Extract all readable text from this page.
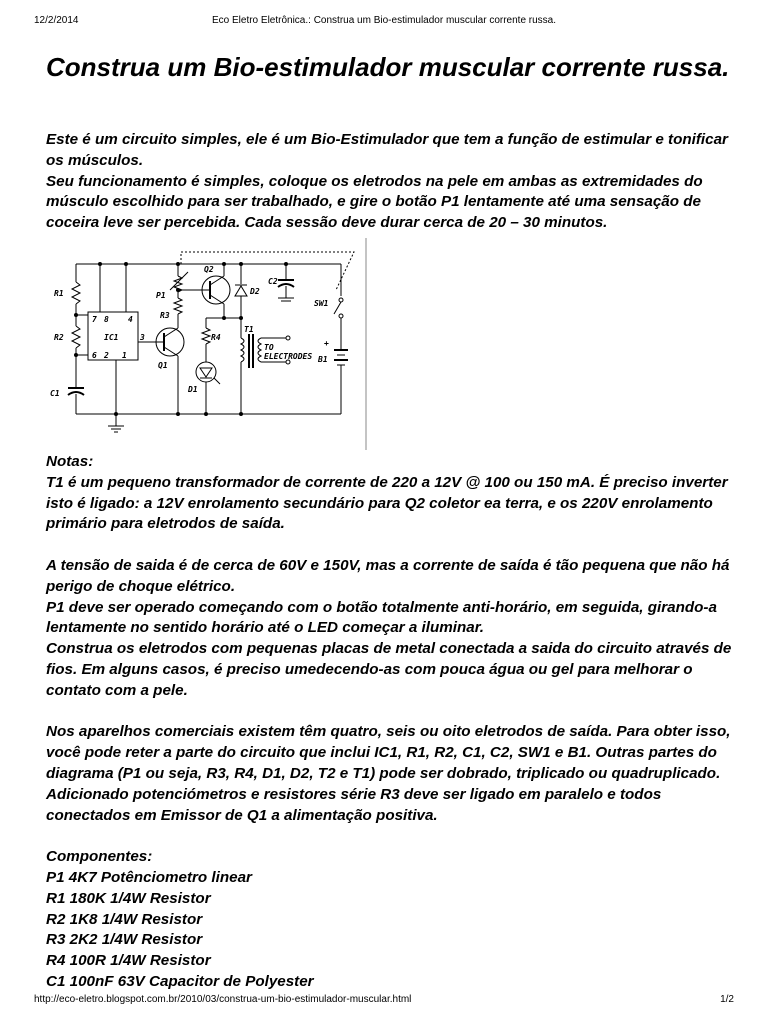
12/2/2014	Eco Eletro Eletrônica.: Construa um Bio-estimulador muscular corrente russa.
Construa um Bio-estimulador muscular corrente russa.

Este é um circuito simples, ele é um Bio-Estimulador que tem a função de estimular e tonificar os músculos.

Seu funcionamento é simples, coloque os eletrodos na pele em ambas as extremidades do músculo escolhido para ser trabalhado, e gire o botão P1 lentamente até uma sensação de coceira leve ser percebida. Cada sessão deve durar cerca de 20 – 30 minutos.

R1
R2
C1
7 8 4
IC1	3
6 2 1
P1
R3
Q1
Q2
R4
D1
D2
C2
T1
TO
ELECTRODES
SW1
+
B1

Notas:

T1 é um pequeno transformador de corrente de 220 a 12V @ 100 ou 150 mA. É preciso inverter isto é ligado: a 12V enrolamento secundário para Q2 coletor ea terra, e os 220V enrolamento primário para eletrodos de saída.

A tensão de saida é de cerca de 60V e 150V, mas a corrente de saída é tão pequena que não há perigo de choque elétrico.

P1 deve ser operado começando com o botão totalmente anti-horário, em seguida, girando-a lentamente no sentido horário até o LED começar a iluminar.

Construa os eletrodos com pequenas placas de metal conectada a saida do circuito através de fios. Em alguns casos, é preciso umedecendo-as com pouca água ou gel para melhorar o contato com a pele.

Nos aparelhos comerciais existem têm quatro, seis ou oito eletrodos de saída. Para obter isso, você pode reter a parte do circuito que inclui IC1, R1, R2, C1, C2, SW1 e B1. Outras partes do diagrama (P1 ou seja, R3, R4, D1, D2, T2 e T1) pode ser dobrado, triplicado ou quadruplicado. Adicionado potenciómetros e resistores série R3 deve ser ligado em paralelo e todos conectados em Emissor de Q1 a alimentação positiva.

Componentes:

P1 4K7 Potênciometro linear

R1 180K 1/4W Resistor

R2 1K8 1/4W Resistor

R3 2K2 1/4W Resistor

R4 100R 1/4W Resistor

C1 100nF 63V Capacitor de Polyester

http://eco-eletro.blogspot.com.br/2010/03/construa-um-bio-estimulador-muscular.html	1/2
